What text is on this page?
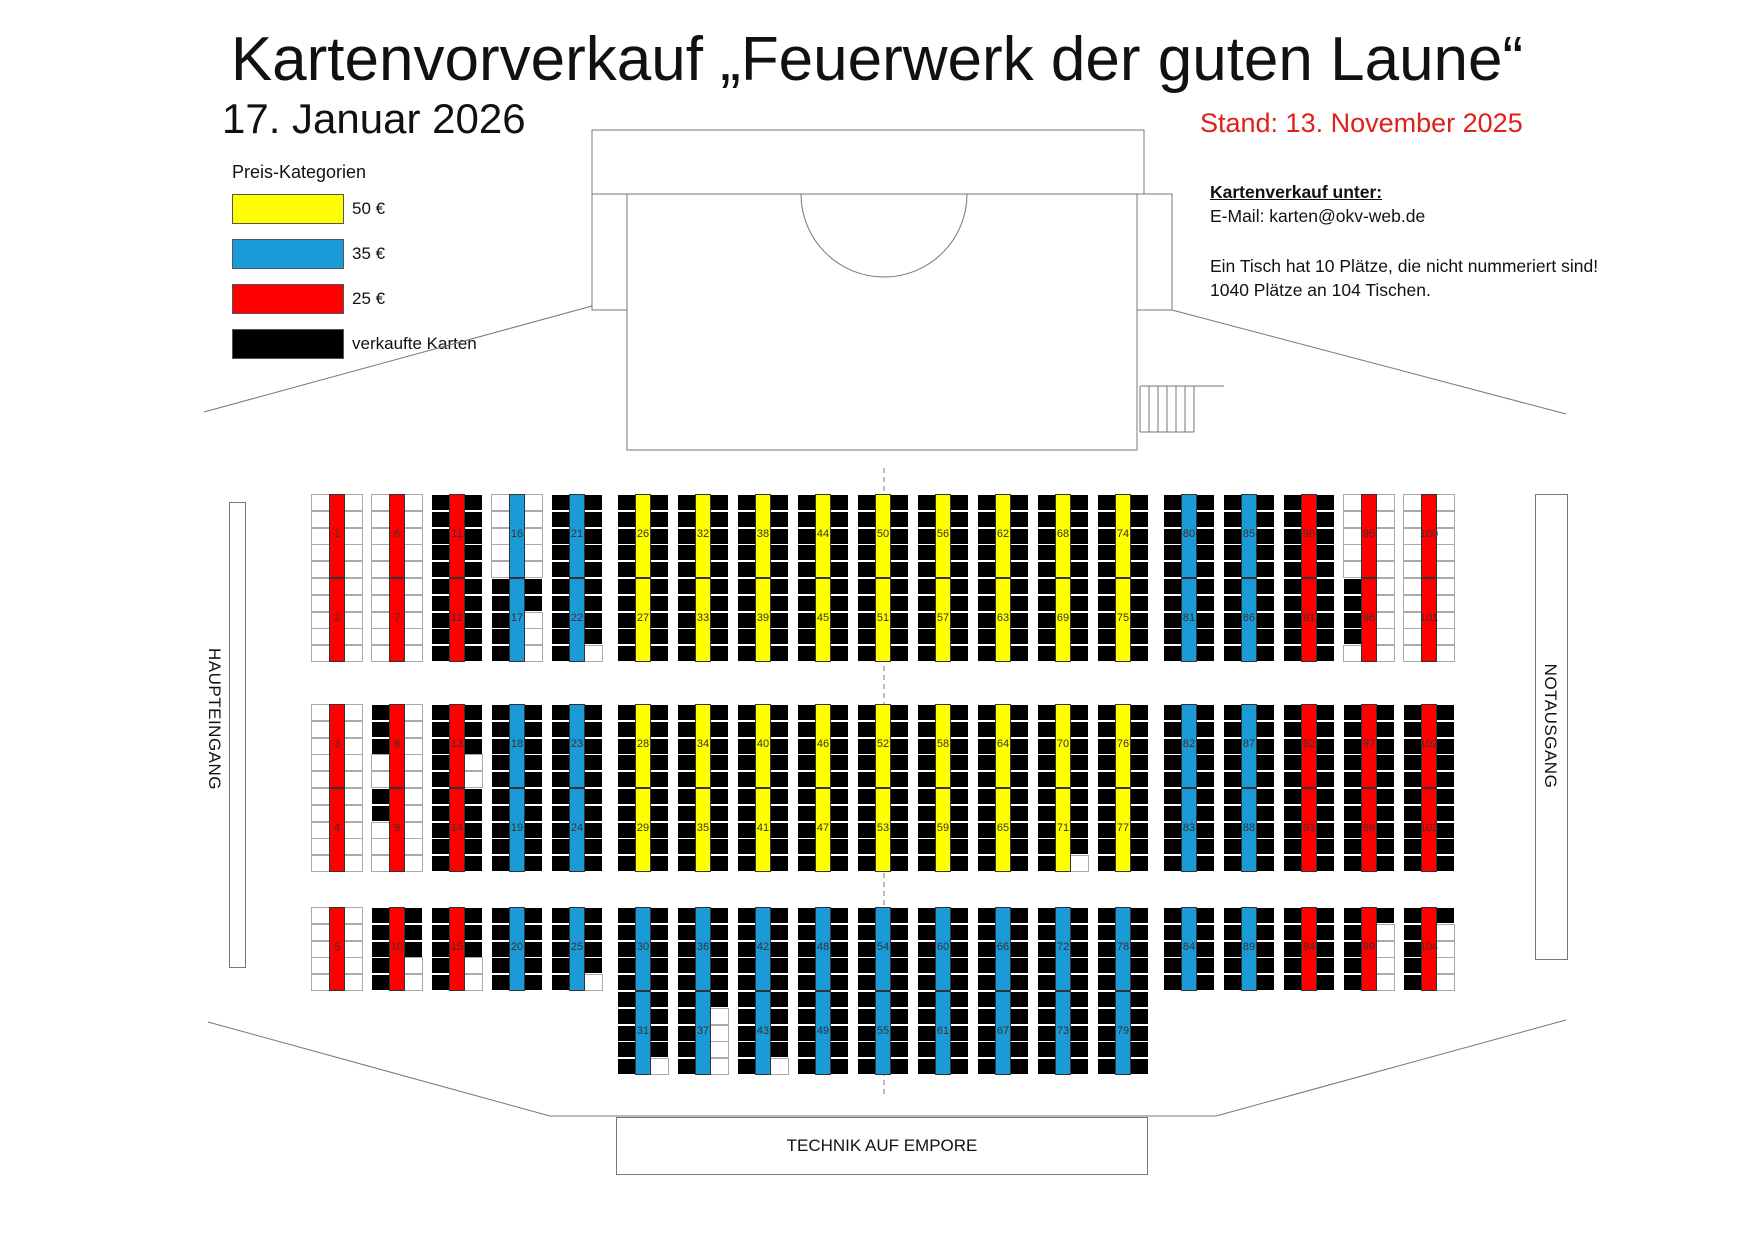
Kartenvorverkauf „Feuerwerk der guten Laune“
17. Januar 2026	Stand: 13. November 2025
Preis-Kategorien
50 €
35 €
25 €
verkaufte Karten
Kartenverkauf unter:
E-Mail: karten@okv-web.de
Ein Tisch hat 10 Plätze, die nicht nummeriert sind!
1040 Plätze an 104 Tischen.
HAUPTEINGANG	NOTAUSGANG
TECHNIK AUF EMPORE
1
2
3
4
5
6
7
8
9
10
11
12
13
14
15
16
17
18
19
20
21
22
23
24
25
26
27
28
29
30
31
32
33
34
35
36
37
38
39
40
41
42
43
44
45
46
47
48
49
50
51
52
53
54
55
56
57
58
59
60
61
62
63
64
65
66
67
68
69
70
71
72
73
74
75
76
77
78
79
80
81
82
83
84
85
86
87
88
89
90
91
92
93
94
95
96
97
98
99
100
101
102
103
104
